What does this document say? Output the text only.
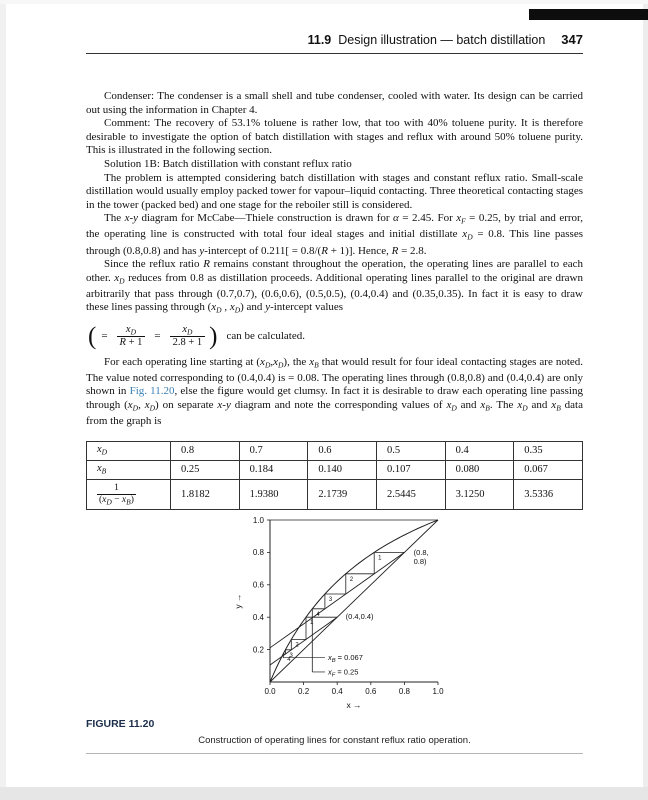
11.9 Design illustration — batch distillation 347
Condenser: The condenser is a small shell and tube condenser, cooled with water. Its design can be carried out using the information in Chapter 4.
Comment: The recovery of 53.1% toluene is rather low, that too with 40% toluene purity. It is therefore desirable to investigate the option of batch distillation with stages and reflux with around 50% toluene purity. This is illustrated in the following section.
Solution 1B: Batch distillation with constant reflux ratio
The problem is attempted considering batch distillation with stages and constant reflux ratio. Small-scale distillation would usually employ packed tower for vapour–liquid contacting. Three theoretical contacting stages in the tower (packed bed) and one stage for the reboiler still is considered.
The x-y diagram for McCabe—Thiele construction is drawn for α = 2.45. For $x_F = 0.25$, by trial and error, the operating line is constructed with total four ideal stages and initial distillate $x_D = 0.8$. This line passes through (0.8,0.8) and has y-intercept of 0.211[ = 0.8/(R + 1)]. Hence, R = 2.8.
Since the reflux ratio R remains constant throughout the operation, the operating lines are parallel to each other. $x_D$ reduces from 0.8 as distillation proceeds. Additional operating lines parallel to the original are drawn arbitrarily that pass through (0.7,0.7), (0.6,0.6), (0.5,0.5), (0.4,0.4) and (0.35,0.35). In fact it is easy to draw these lines passing through ($x_D$ , $x_D$) and y-intercept values
( = $\frac{x_D}{R + 1} = \frac{x_D}{2.8 + 1}$ ) can be calculated.
For each operating line starting at $(x_D,x_D)$, the $x_B$ that would result for four ideal contacting stages are noted. The value noted corresponding to (0.4,0.4) is = 0.08. The operating lines through (0.8,0.8) and (0.4,0.4) are only shown in Fig. 11.20, else the figure would get clumsy. In fact it is desirable to draw each operating line passing through ($x_D$, $x_D$) on separate x-y diagram and note the corresponding values of $x_D$ and $x_B$. The $x_D$ and $x_B$ data from the graph is
$x_D$	0.8	0.7	0.6	0.5	0.4	0.35
$x_B$	0.25	0.184	0.140	0.107	0.080	0.067

$\frac{1}{(x_D - x_B)}$	1.8182	1.9380	2.1739	2.5445	3.1250	3.5336
0.0	0.2	0.4	0.6	0.8	1.0
0.2
0.4
0.6
0.8
1.0
x →
y →
1
2
3
4
1
2
3
4
(0.8,
0.8)
(0.4,0.4)
$x_B = 0.067$
$x_F = 0.25$
FIGURE 11.20
Construction of operating lines for constant reflux ratio operation.
